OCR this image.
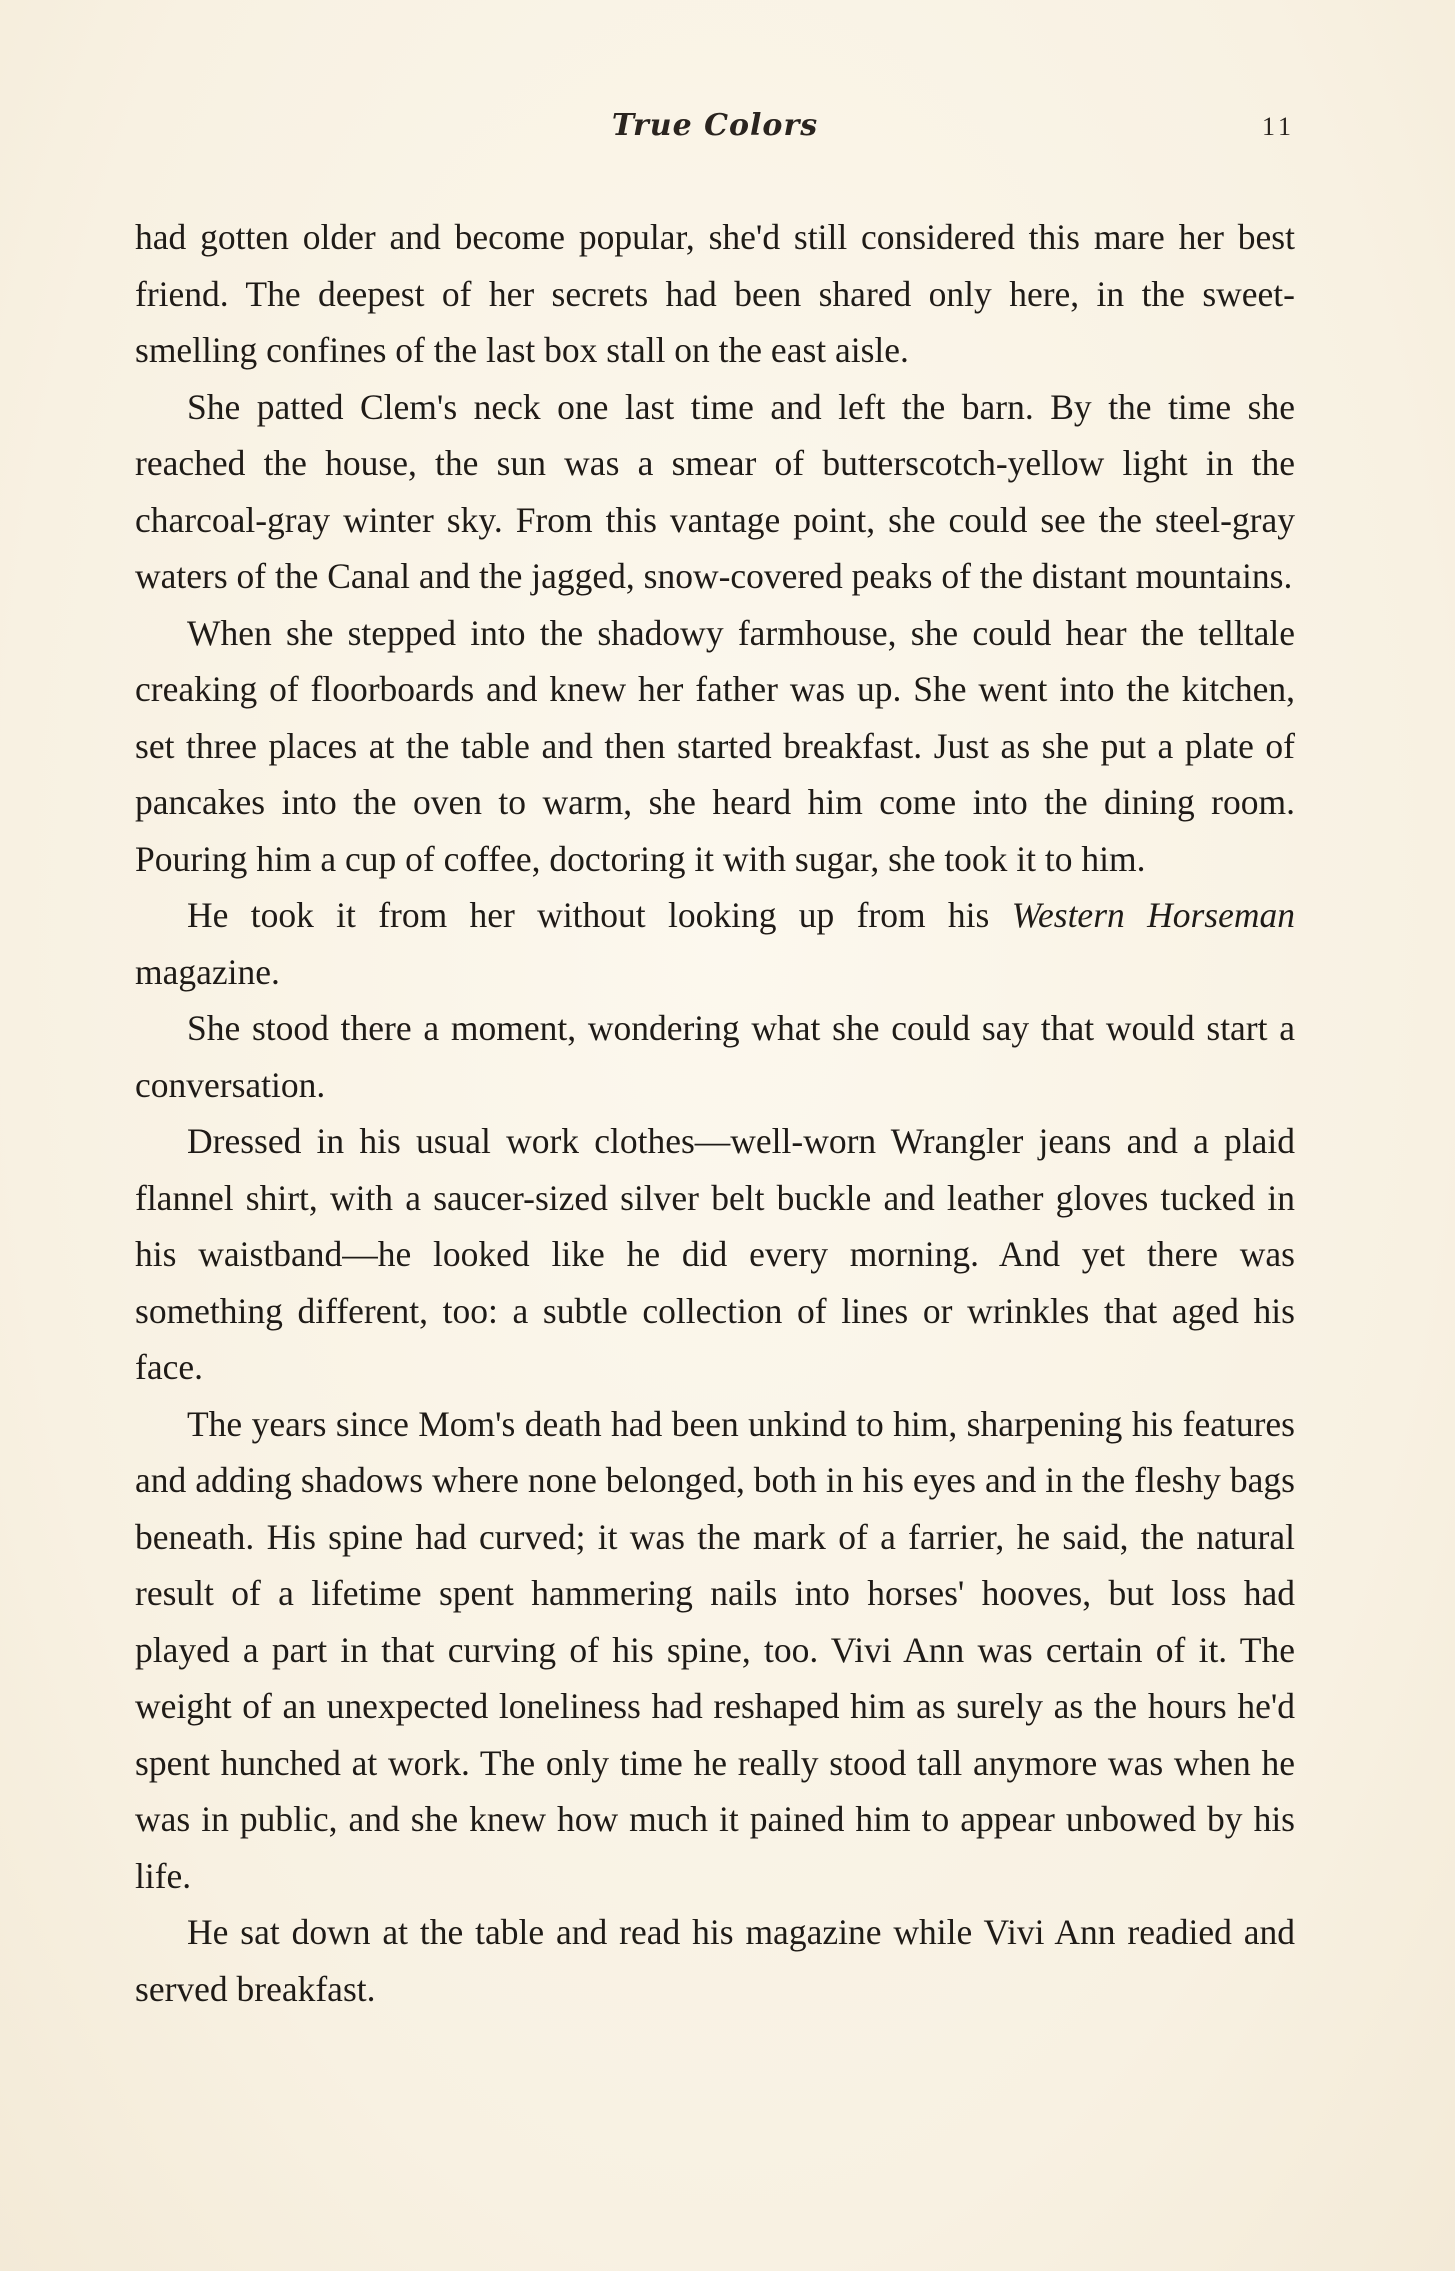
True Colors	11

had gotten older and become popular, she'd still considered this mare her best friend. The deepest of her secrets had been shared only here, in the sweet-smelling confines of the last box stall on the east aisle.

She patted Clem's neck one last time and left the barn. By the time she reached the house, the sun was a smear of butterscotch-yellow light in the charcoal-gray winter sky. From this vantage point, she could see the steel-gray waters of the Canal and the jagged, snow-covered peaks of the distant mountains.

When she stepped into the shadowy farmhouse, she could hear the telltale creaking of floorboards and knew her father was up. She went into the kitchen, set three places at the table and then started breakfast. Just as she put a plate of pancakes into the oven to warm, she heard him come into the dining room. Pouring him a cup of coffee, doctoring it with sugar, she took it to him.

He took it from her without looking up from his Western Horseman magazine.

She stood there a moment, wondering what she could say that would start a conversation.

Dressed in his usual work clothes—well-worn Wrangler jeans and a plaid flannel shirt, with a saucer-sized silver belt buckle and leather gloves tucked in his waistband—he looked like he did every morning. And yet there was something different, too: a subtle collection of lines or wrinkles that aged his face.

The years since Mom's death had been unkind to him, sharpening his features and adding shadows where none belonged, both in his eyes and in the fleshy bags beneath. His spine had curved; it was the mark of a farrier, he said, the natural result of a lifetime spent hammering nails into horses' hooves, but loss had played a part in that curving of his spine, too. Vivi Ann was certain of it. The weight of an unexpected loneliness had reshaped him as surely as the hours he'd spent hunched at work. The only time he really stood tall anymore was when he was in public, and she knew how much it pained him to appear unbowed by his life.

He sat down at the table and read his magazine while Vivi Ann readied and served breakfast.
